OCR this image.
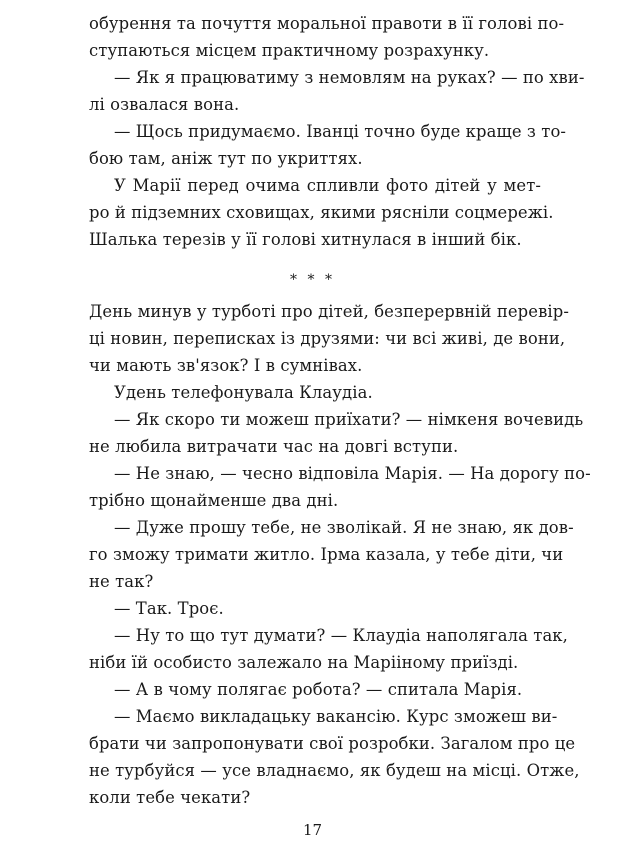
обурення та почуття моральної правоти в її голові по-
ступаються місцем практичному розрахунку.
— Як я працюватиму з немовлям на руках? — по хви-
лі озвалася вона.
— Щось придумаємо. Іванці точно буде краще з то-
бою там, аніж тут по укриттях.
У Марії перед очима спливли фото дітей у мет-
ро й підземних сховищах, якими рясніли соцмережі.
Шалька терезів у її голові хитнулася в інший бік.
* * *
День минув у турботі про дітей, безперервній перевір-
ці новин, переписках із друзями: чи всі живі, де вони,
чи мають зв'язок? І в сумнівах.
Удень телефонувала Клаудіа.
— Як скоро ти можеш приїхати? — німкеня вочевидь
не любила витрачати час на довгі вступи.
— Не знаю, — чесно відповіла Марія. — На дорогу по-
трібно щонайменше два дні.
— Дуже прошу тебе, не зволікай. Я не знаю, як дов-
го зможу тримати житло. Ірма казала, у тебе діти, чи
не так?
— Так. Троє.
— Ну то що тут думати? — Клаудіа наполягала так,
ніби їй особисто залежало на Марііному приїзді.
— А в чому полягає робота? — спитала Марія.
— Маємо викладацьку вакансію. Курс зможеш ви-
брати чи запропонувати свої розробки. Загалом про це
не турбуйся — усе владнаємо, як будеш на місці. Отже,
коли тебе чекати?
17
